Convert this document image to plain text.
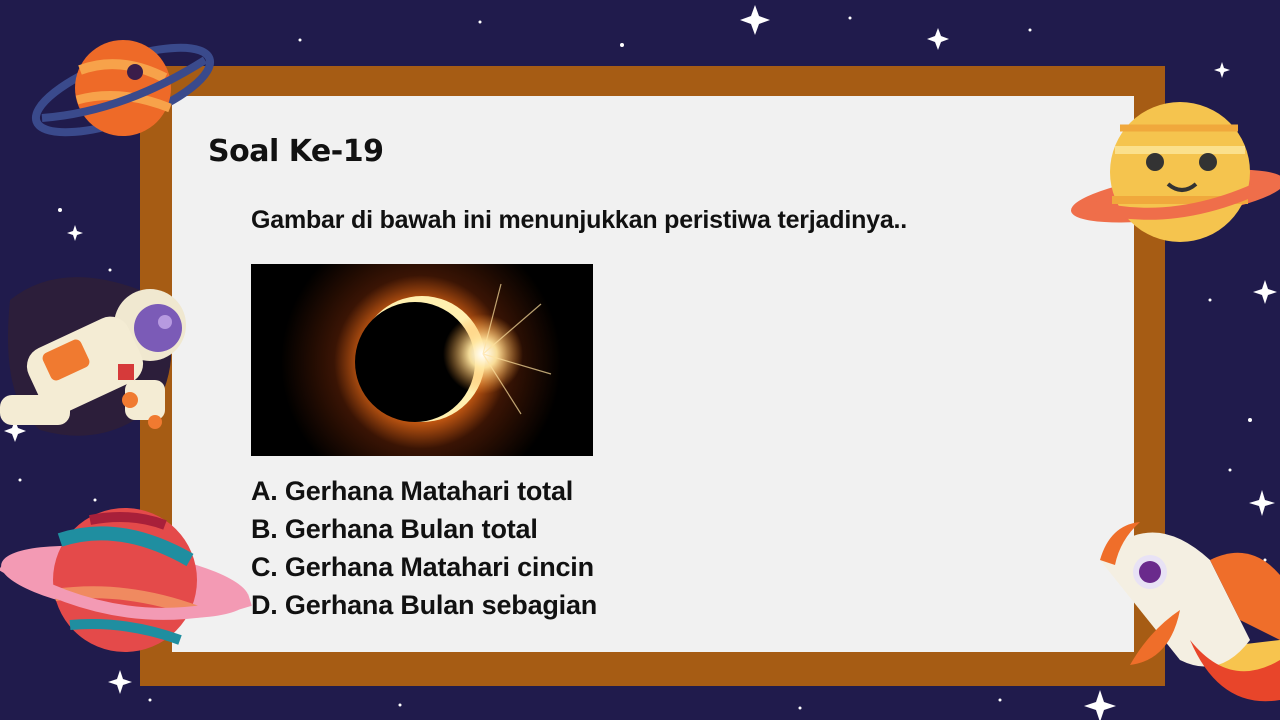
Soal Ke-19
Gambar di bawah ini menunjukkan peristiwa terjadinya..
A. Gerhana Matahari total
B. Gerhana Bulan total
C. Gerhana Matahari cincin
D. Gerhana Bulan sebagian
